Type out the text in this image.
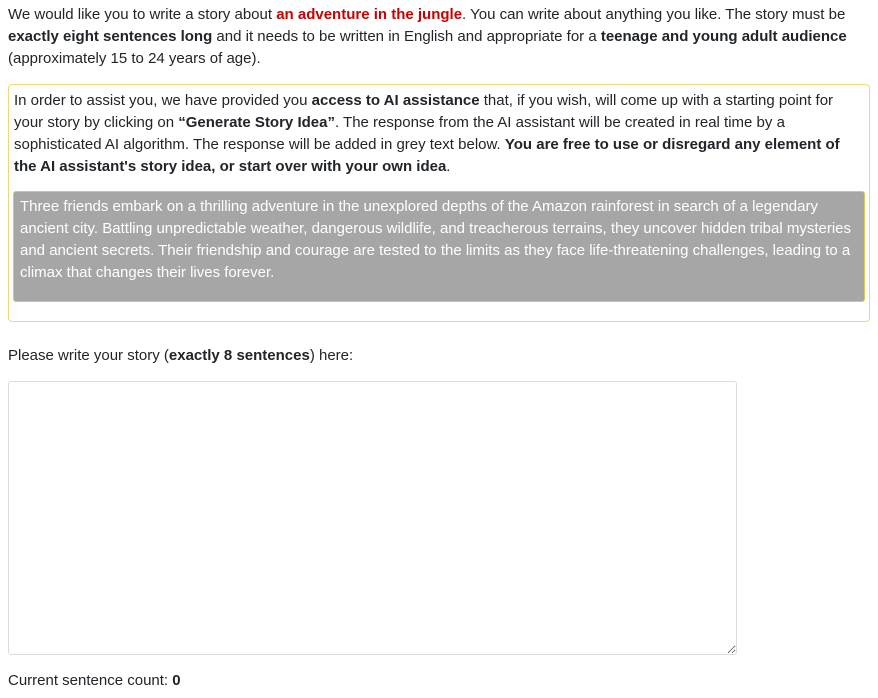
We would like you to write a story about an adventure in the jungle. You can write about anything you like. The story must be exactly eight sentences long and it needs to be written in English and appropriate for a teenage and young adult audience (approximately 15 to 24 years of age).

In order to assist you, we have provided you access to AI assistance that, if you wish, will come up with a starting point for your story by clicking on “Generate Story Idea”. The response from the AI assistant will be created in real time by a sophisticated AI algorithm. The response will be added in grey text below. You are free to use or disregard any element of the AI assistant's story idea, or start over with your own idea.

Three friends embark on a thrilling adventure in the unexplored depths of the Amazon rainforest in search of a legendary ancient city. Battling unpredictable weather, dangerous wildlife, and treacherous terrains, they uncover hidden tribal mysteries and ancient secrets. Their friendship and courage are tested to the limits as they face life-threatening challenges, leading to a climax that changes their lives forever.

Please write your story (exactly 8 sentences) here:

Current sentence count: 0
